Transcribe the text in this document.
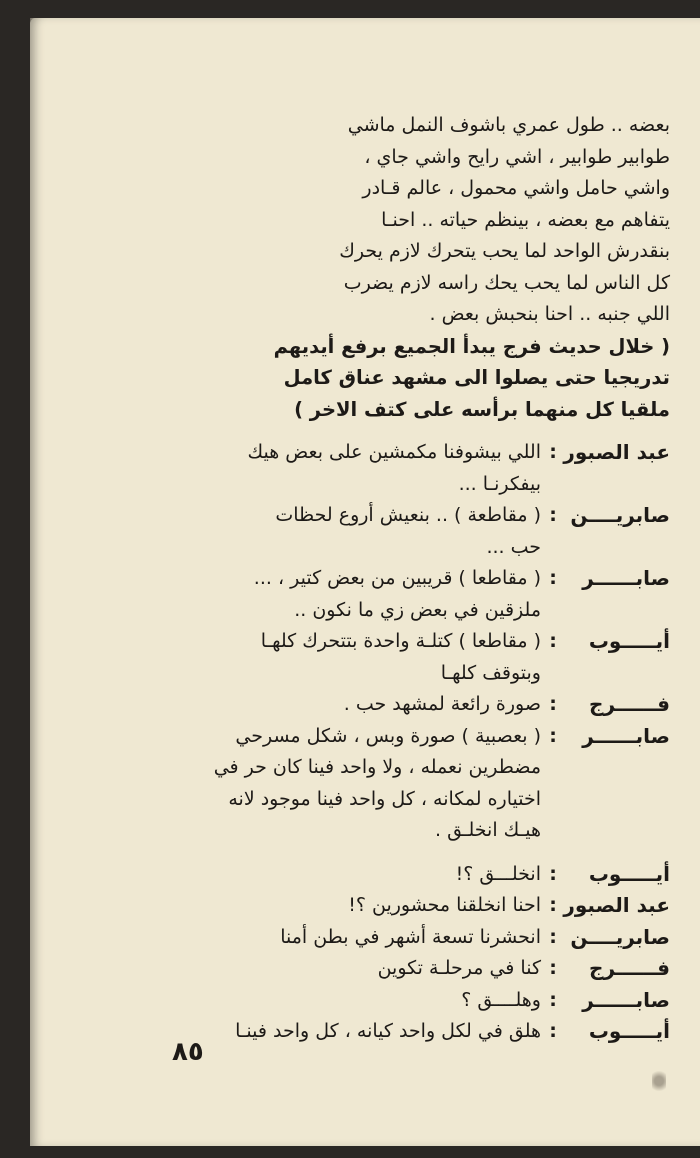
بعضه .. طول عمري باشوف النمل ماشي

طوابير طوابير ، اشي رايح واشي جاي ،

واشي حامل واشي محمول ، عالم قـادر

يتفاهم مع بعضه ، بينظم حياته .. احنـا

بنقدرش الواحد لما يحب يتحرك لازم يحرك

كل الناس لما يحب يحك راسه لازم يضرب

اللي جنبه .. احنا بنحبش بعض .

( خلال حديث فرج يبدأ الجميع برفع أيديهم

تدريجيا حتى يصلوا الى مشهد عناق كامل

ملقيا كل منهما برأسه على كتف الاخر )

عبد الصبور
:
اللي بيشوفنا مكمشين على بعض هيك
بيفكرنـا ...
صابريــــن
:
( مقاطعة ) .. بنعيش أروع لحظات
حب ...
صابــــــر
:
( مقاطعا ) قريبين من بعض كتير ، ...
ملزقين في بعض زي ما نكون ..
أيـــــوب
:
( مقاطعا ) كتلـة واحدة بتتحرك كلهـا
وبتوقف كلهـا
فــــــرج
:
صورة رائعة لمشهد حب .
صابــــــر
:
( بعصبية ) صورة وبس ، شكل مسرحي
مضطرين نعمله ، ولا واحد فينا كان حر في
اختياره لمكانه ، كل واحد فينا موجود لانه
هيـك انخلـق .
أيـــــوب
:
انخلـــق ؟!
عبد الصبور
:
احنا انخلقنا محشورين ؟!
صابريــــن
:
انحشرنا تسعة أشهر في بطن أمنا
فــــــرج
:
كنا في مرحلـة تكوين
صابــــــر
:
وهلــــق ؟
أيـــــوب
:
هلق في لكل واحد كيانه ، كل واحد فينـا
٨٥
